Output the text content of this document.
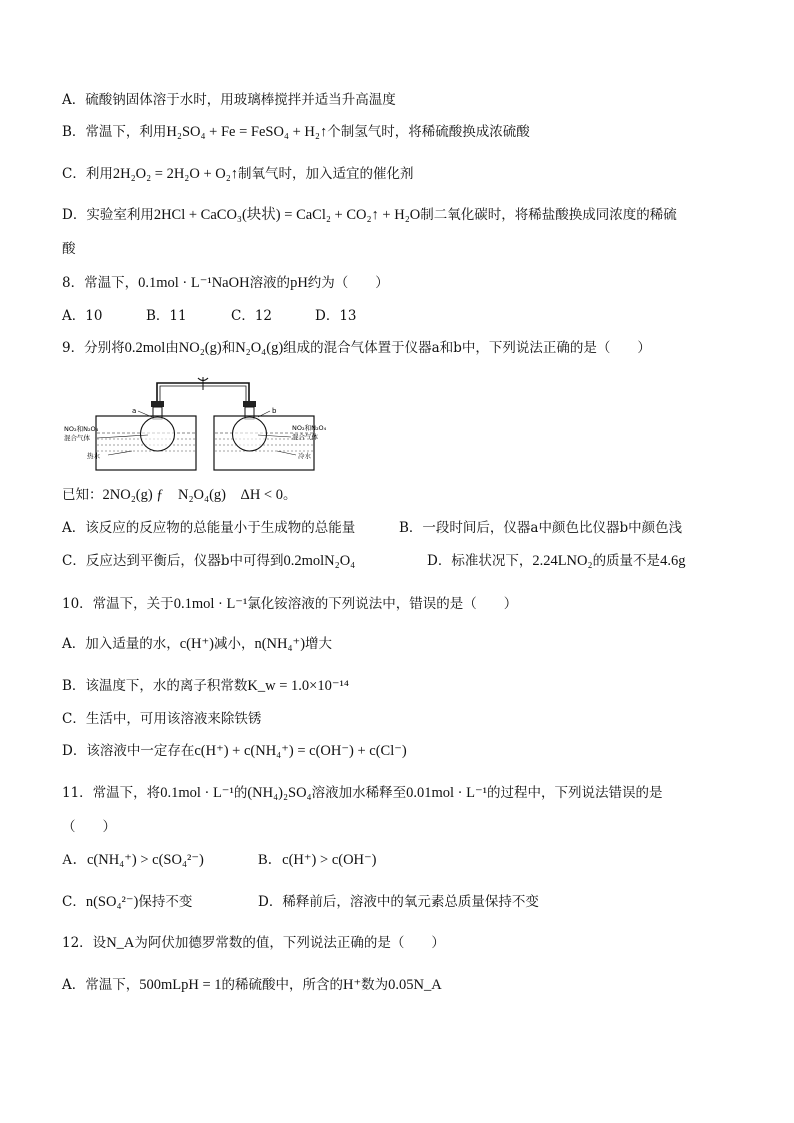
A．硫酸钠固体溶于水时，用玻璃棒搅拌并适当升高温度
B．常温下，利用H₂SO₄ + Fe = FeSO₄ + H₂↑个制氢气时，将稀硫酸换成浓硫酸
C．利用2H₂O₂ = 2H₂O + O₂↑制氧气时，加入适宜的催化剂
D．实验室利用2HCl + CaCO₃(块状) = CaCl₂ + CO₂↑ + H₂O制二氧化碳时，将稀盐酸换成同浓度的稀硫
酸
8．常温下，0.1mol · L⁻¹NaOH溶液的pH约为（　　）
A．10	B．11	C．12	D．13
9．分别将0.2mol由NO₂(g)和N₂O₄(g)组成的混合气体置于仪器a和b中，下列说法正确的是（　　）
a	b
NO₂和N₂O₄
混合气体
热水
NO₂和N₂O₄
混合气体
冷水
已知：2NO₂(g) ƒ　N₂O₄(g)　ΔH < 0。
A．该反应的反应物的总能量小于生成物的总能量	B．一段时间后，仪器a中颜色比仪器b中颜色浅
C．反应达到平衡后，仪器b中可得到0.2molN₂O₄	D．标准状况下，2.24LNO₂的质量不是4.6g
10．常温下，关于0.1mol · L⁻¹氯化铵溶液的下列说法中，错误的是（　　）
A．加入适量的水，c(H⁺)减小，n(NH₄⁺)增大
B．该温度下，水的离子积常数K_w = 1.0×10⁻¹⁴
C．生活中，可用该溶液来除铁锈
D．该溶液中一定存在c(H⁺) + c(NH₄⁺) = c(OH⁻) + c(Cl⁻)
11．常温下，将0.1mol · L⁻¹的(NH₄)₂SO₄溶液加水稀释至0.01mol · L⁻¹的过程中，下列说法错误的是
（　　）
A．c(NH₄⁺) > c(SO₄²⁻)	B．c(H⁺) > c(OH⁻)
C．n(SO₄²⁻)保持不变	D．稀释前后，溶液中的氧元素总质量保持不变
12．设N_A为阿伏加德罗常数的值，下列说法正确的是（　　）
A．常温下，500mLpH = 1的稀硫酸中，所含的H⁺数为0.05N_A
